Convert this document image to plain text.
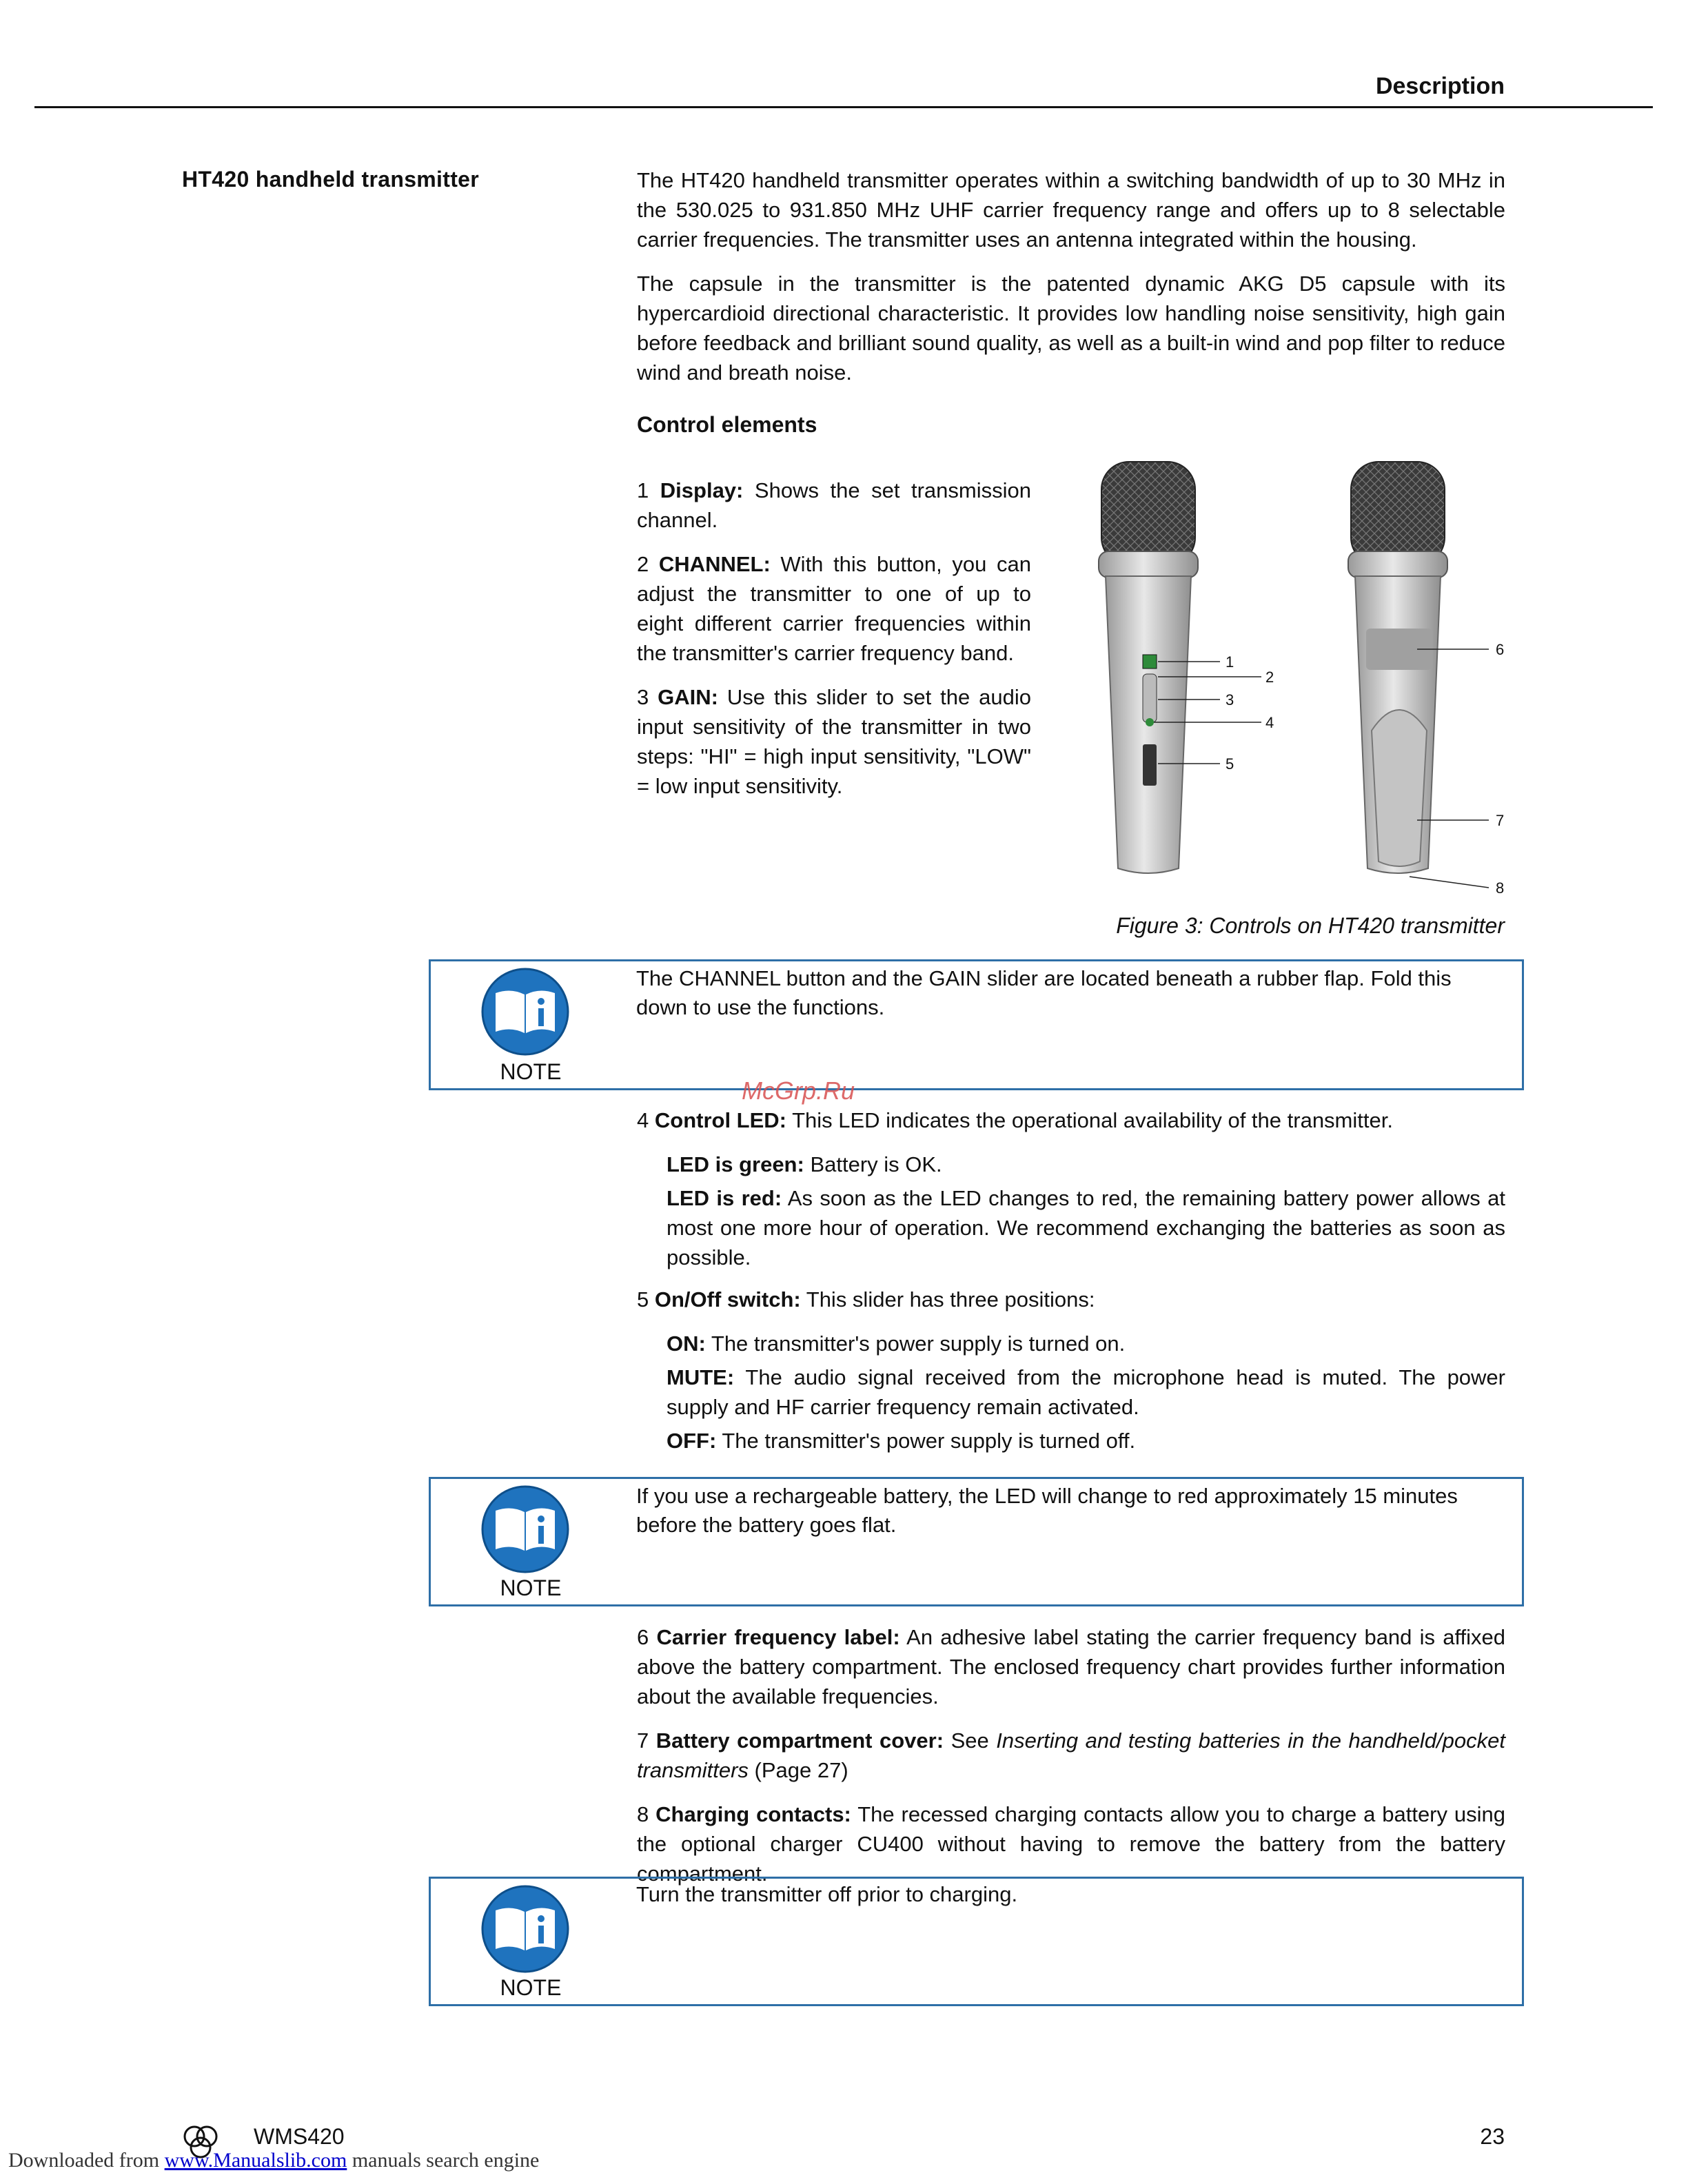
Description
HT420 handheld transmitter	The HT420 handheld transmitter operates within a switching bandwidth of up to 30 MHz in the 530.025 to 931.850 MHz UHF carrier frequency range and offers up to 8 selectable carrier frequencies. The transmitter uses an antenna integrated within the housing.

The capsule in the transmitter is the patented dynamic AKG D5 capsule with its hypercardioid directional characteristic. It provides low handling noise sensitivity, high gain before feedback and brilliant sound quality, as well as a built-in wind and pop filter to reduce wind and breath noise.

Control elements

1 Display: Shows the set transmission channel.

2 CHANNEL: With this button, you can adjust the transmitter to one of up to eight different carrier frequencies within the transmitter's carrier frequency band.

3 GAIN: Use this slider to set the audio input sensitivity of the transmitter in two steps: "HI" = high input sensitivity, "LOW" = low input sensitivity.

1
2
3
4
5
6
7
8
Figure 3: Controls on HT420 transmitter
NOTE
The CHANNEL button and the GAIN slider are located beneath a rubber flap. Fold this down to use the functions.

4 Control LED: This LED indicates the operational availability of the transmitter.

LED is green: Battery is OK.

LED is red: As soon as the LED changes to red, the remaining battery power allows at most one more hour of operation. We recommend exchanging the batteries as soon as possible.

5 On/Off switch: This slider has three positions:

ON: The transmitter's power supply is turned on.

MUTE: The audio signal received from the microphone head is muted. The power supply and HF carrier frequency remain activated.

OFF: The transmitter's power supply is turned off.

NOTE
If you use a rechargeable battery, the LED will change to red approximately 15 minutes before the battery goes flat.

6 Carrier frequency label: An adhesive label stating the carrier frequency band is affixed above the battery compartment. The enclosed frequency chart provides further information about the available frequencies.

7 Battery compartment cover: See Inserting and testing batteries in the handheld/pocket transmitters (Page 27)

8 Charging contacts: The recessed charging contacts allow you to charge a battery using the optional charger CU400 without having to remove the battery from the battery compartment.

NOTE
Turn the transmitter off prior to charging.
McGrp.Ru
WMS420	23
Downloaded from www.Manualslib.com manuals search engine
